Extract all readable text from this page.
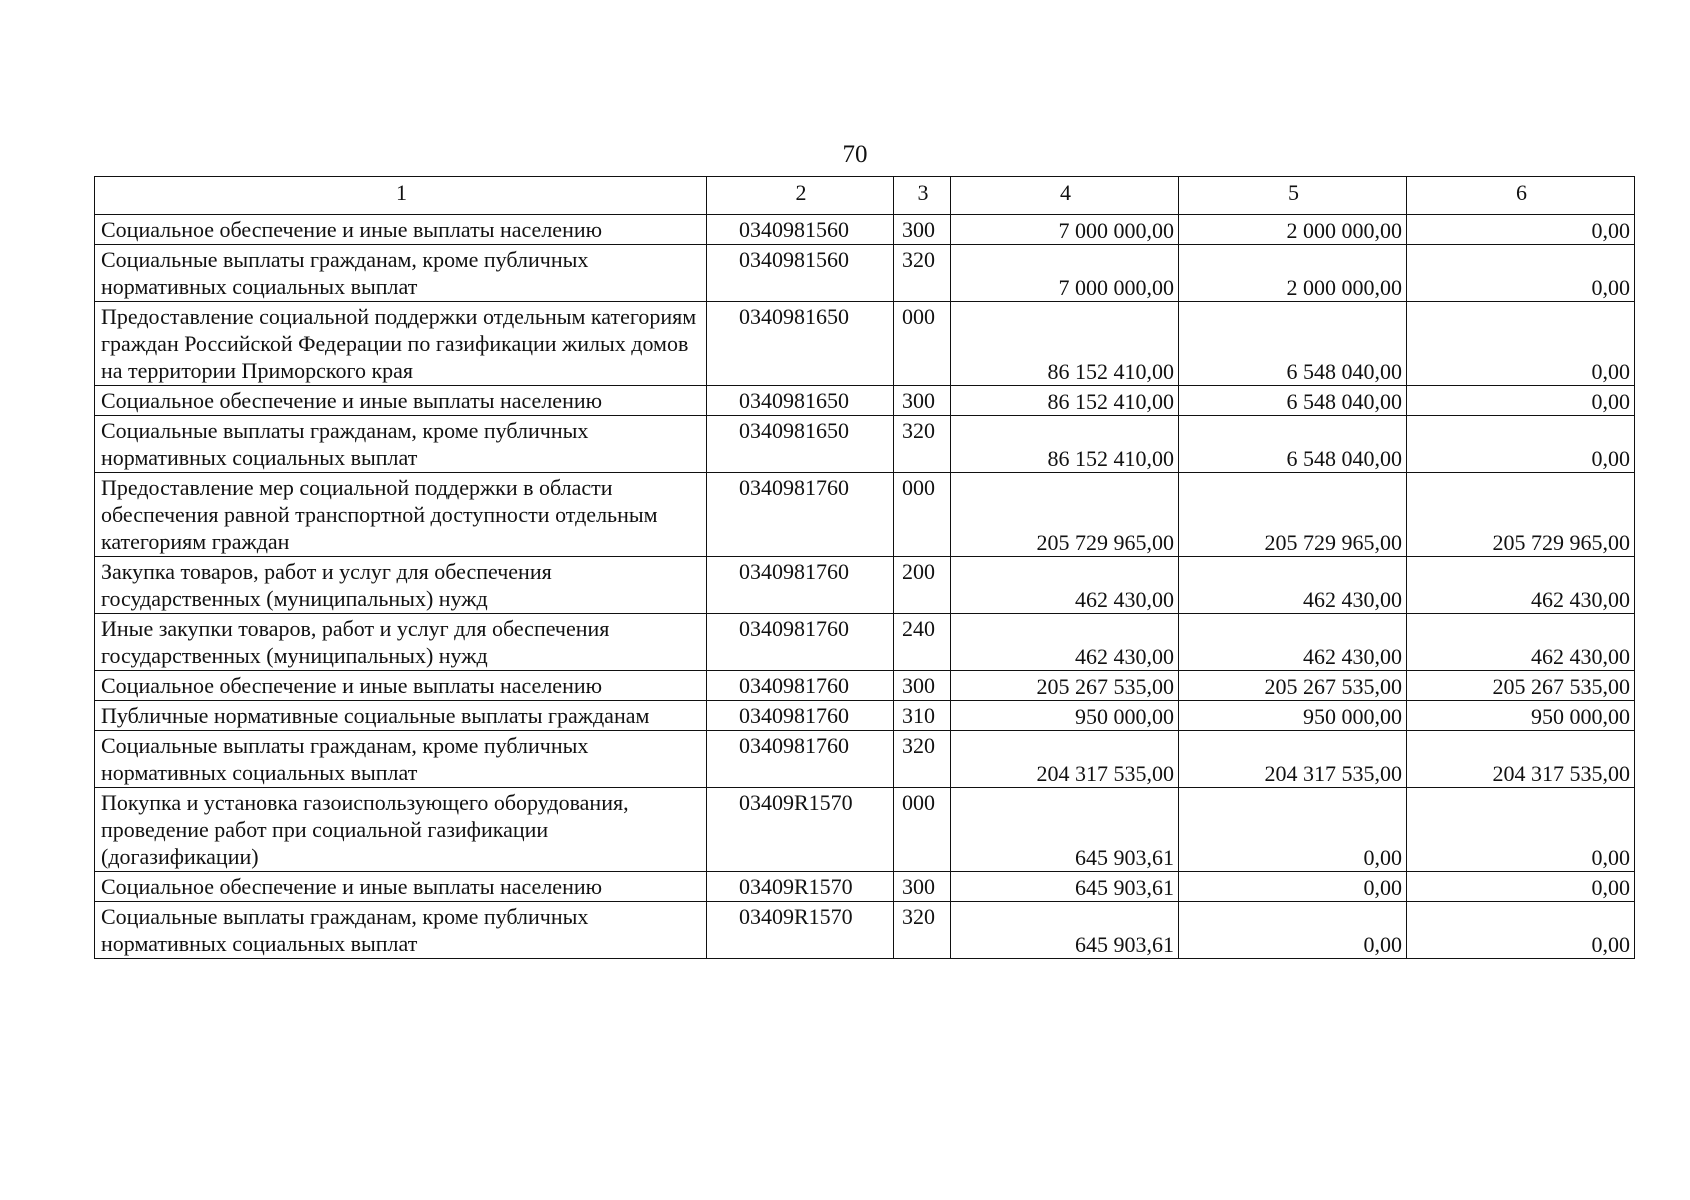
70
1	2	3	4	5	6
Социальное обеспечение и иные выплаты населению	0340981560	300	7 000 000,00	2 000 000,00	0,00
Социальные выплаты гражданам, кроме публичных нормативных социальных выплат	0340981560	320	7 000 000,00	2 000 000,00	0,00
Предоставление социальной поддержки отдельным категориям граждан Российской Федерации по газификации жилых домов на территории Приморского края	0340981650	000	86 152 410,00	6 548 040,00	0,00
Социальное обеспечение и иные выплаты населению	0340981650	300	86 152 410,00	6 548 040,00	0,00
Социальные выплаты гражданам, кроме публичных нормативных социальных выплат	0340981650	320	86 152 410,00	6 548 040,00	0,00
Предоставление мер социальной поддержки в области обеспечения равной транспортной доступности отдельным категориям граждан	0340981760	000	205 729 965,00	205 729 965,00	205 729 965,00
Закупка товаров, работ и услуг для обеспечения государственных (муниципальных) нужд	0340981760	200	462 430,00	462 430,00	462 430,00
Иные закупки товаров, работ и услуг для обеспечения государственных (муниципальных) нужд	0340981760	240	462 430,00	462 430,00	462 430,00
Социальное обеспечение и иные выплаты населению	0340981760	300	205 267 535,00	205 267 535,00	205 267 535,00
Публичные нормативные социальные выплаты гражданам	0340981760	310	950 000,00	950 000,00	950 000,00
Социальные выплаты гражданам, кроме публичных нормативных социальных выплат	0340981760	320	204 317 535,00	204 317 535,00	204 317 535,00
Покупка и установка газоиспользующего оборудования, проведение работ при социальной газификации (догазификации)	03409R1570	000	645 903,61	0,00	0,00
Социальное обеспечение и иные выплаты населению	03409R1570	300	645 903,61	0,00	0,00
Социальные выплаты гражданам, кроме публичных нормативных социальных выплат	03409R1570	320	645 903,61	0,00	0,00
